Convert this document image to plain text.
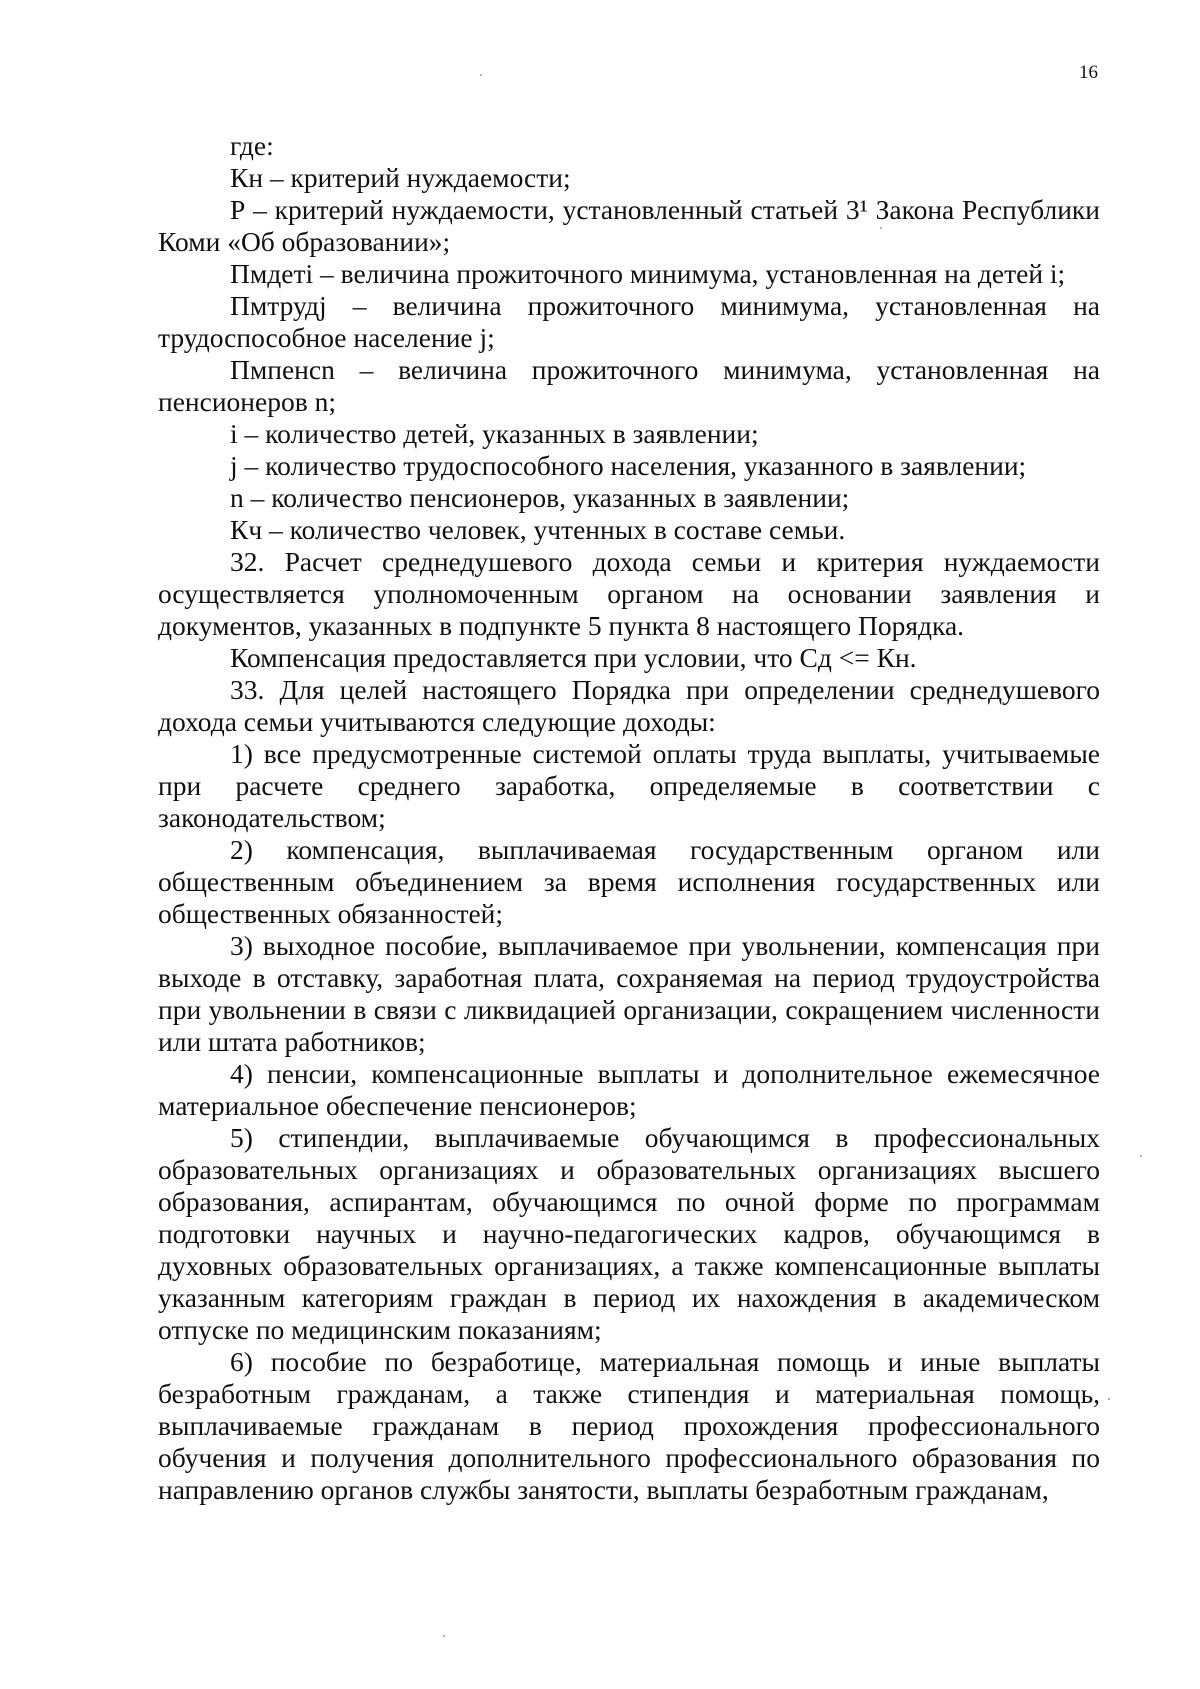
16

где:

Кн – критерий нуждаемости;

Р – критерий нуждаемости, установленный статьей 3¹ Закона Республики Коми «Об образовании»;

Пмдетi – величина прожиточного минимума, установленная на детей i;

Пмтрудj – величина прожиточного минимума, установленная на трудоспособное население j;

Пмпенсn – величина прожиточного минимума, установленная на пенсионеров n;

i – количество детей, указанных в заявлении;

j – количество трудоспособного населения, указанного в заявлении;

n – количество пенсионеров, указанных в заявлении;

Кч – количество человек, учтенных в составе семьи.

32. Расчет среднедушевого дохода семьи и критерия нуждаемости осуществляется уполномоченным органом на основании заявления и документов, указанных в подпункте 5 пункта 8 настоящего Порядка.

Компенсация предоставляется при условии, что Сд <= Кн.

33. Для целей настоящего Порядка при определении среднедушевого дохода семьи учитываются следующие доходы:

1) все предусмотренные системой оплаты труда выплаты, учитываемые при расчете среднего заработка, определяемые в соответствии с законодательством;

2) компенсация, выплачиваемая государственным органом или общественным объединением за время исполнения государственных или общественных обязанностей;

3) выходное пособие, выплачиваемое при увольнении, компенсация при выходе в отставку, заработная плата, сохраняемая на период трудоустройства при увольнении в связи с ликвидацией организации, сокращением численности или штата работников;

4) пенсии, компенсационные выплаты и дополнительное ежемесячное материальное обеспечение пенсионеров;

5) стипендии, выплачиваемые обучающимся в профессиональных образовательных организациях и образовательных организациях высшего образования, аспирантам, обучающимся по очной форме по программам подготовки научных и научно-педагогических кадров, обучающимся в духовных образовательных организациях, а также компенсационные выплаты указанным категориям граждан в период их нахождения в академическом отпуске по медицинским показаниям;

6) пособие по безработице, материальная помощь и иные выплаты безработным гражданам, а также стипендия и материальная помощь, выплачиваемые гражданам в период прохождения профессионального обучения и получения дополнительного профессионального образования по направлению органов службы занятости, выплаты безработным гражданам,
